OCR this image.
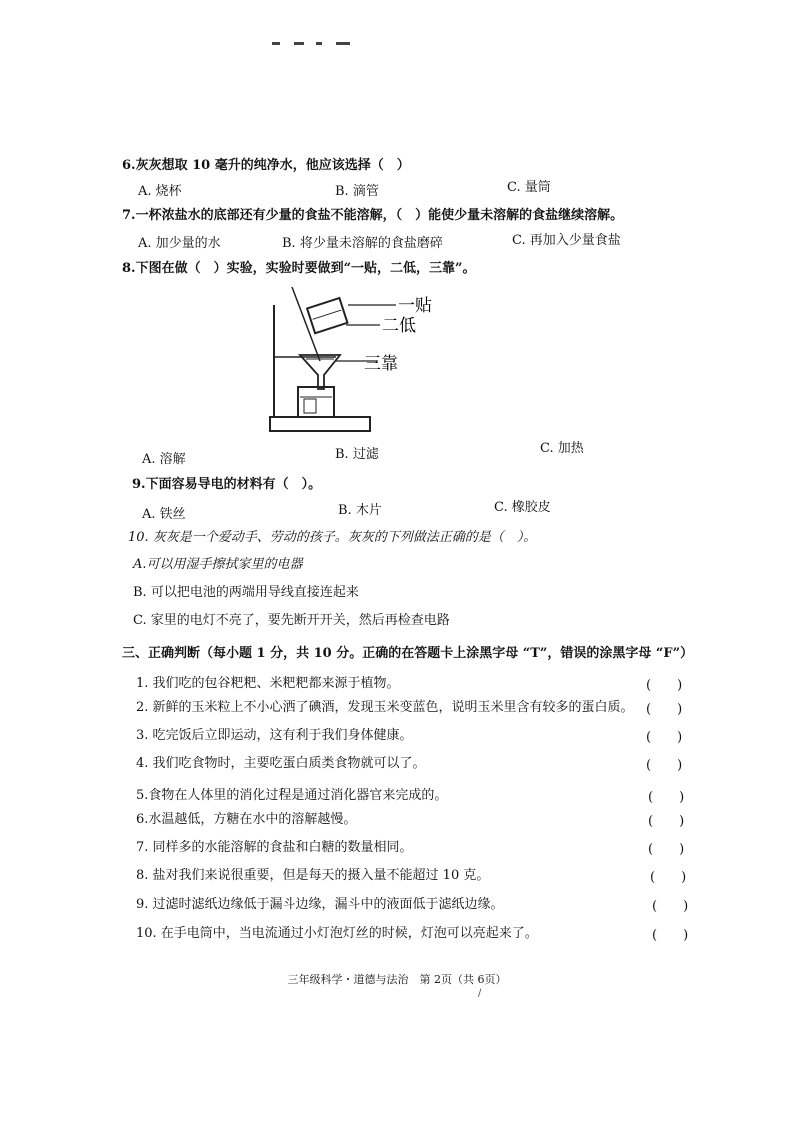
6.灰灰想取 10 毫升的纯净水，他应该选择（　）
A. 烧杯	B. 滴管	C. 量筒
7.一杯浓盐水的底部还有少量的食盐不能溶解，（　）能使少量未溶解的食盐继续溶解。
A. 加少量的水	B. 将少量未溶解的食盐磨碎	C. 再加入少量食盐
8.下图在做（　）实验，实验时要做到“一贴，二低，三靠”。
一贴
二低
三靠
A. 溶解	B. 过滤	C. 加热
9.下面容易导电的材料有（　）。
A. 铁丝	B. 木片	C. 橡胶皮
10. 灰灰是一个爱动手、劳动的孩子。灰灰的下列做法正确的是（　）。
A.可以用湿手擦拭家里的电器
B. 可以把电池的两端用导线直接连起来
C. 家里的电灯不亮了，要先断开开关，然后再检查电路
三、正确判断（每小题 1 分，共 10 分。正确的在答题卡上涂黑字母 “T”，错误的涂黑字母 “F”）
1. 我们吃的包谷粑粑、米粑粑都来源于植物。	(　　)
2. 新鲜的玉米粒上不小心洒了碘酒，发现玉米变蓝色，说明玉米里含有较多的蛋白质。 (　　)
3. 吃完饭后立即运动，这有利于我们身体健康。	(　　)
4. 我们吃食物时，主要吃蛋白质类食物就可以了。	(　　)
5.食物在人体里的消化过程是通过消化器官来完成的。	(　　)
6.水温越低，方糖在水中的溶解越慢。	(　　)
7. 同样多的水能溶解的食盐和白糖的数量相同。	(　　)
8. 盐对我们来说很重要，但是每天的摄入量不能超过 10 克。	(　　)
9. 过滤时滤纸边缘低于漏斗边缘，漏斗中的液面低于滤纸边缘。	(　　)
10. 在手电筒中，当电流通过小灯泡灯丝的时候，灯泡可以亮起来了。	(　　)
三年级科学・道德与法治　第 2页（共 6页）
/
